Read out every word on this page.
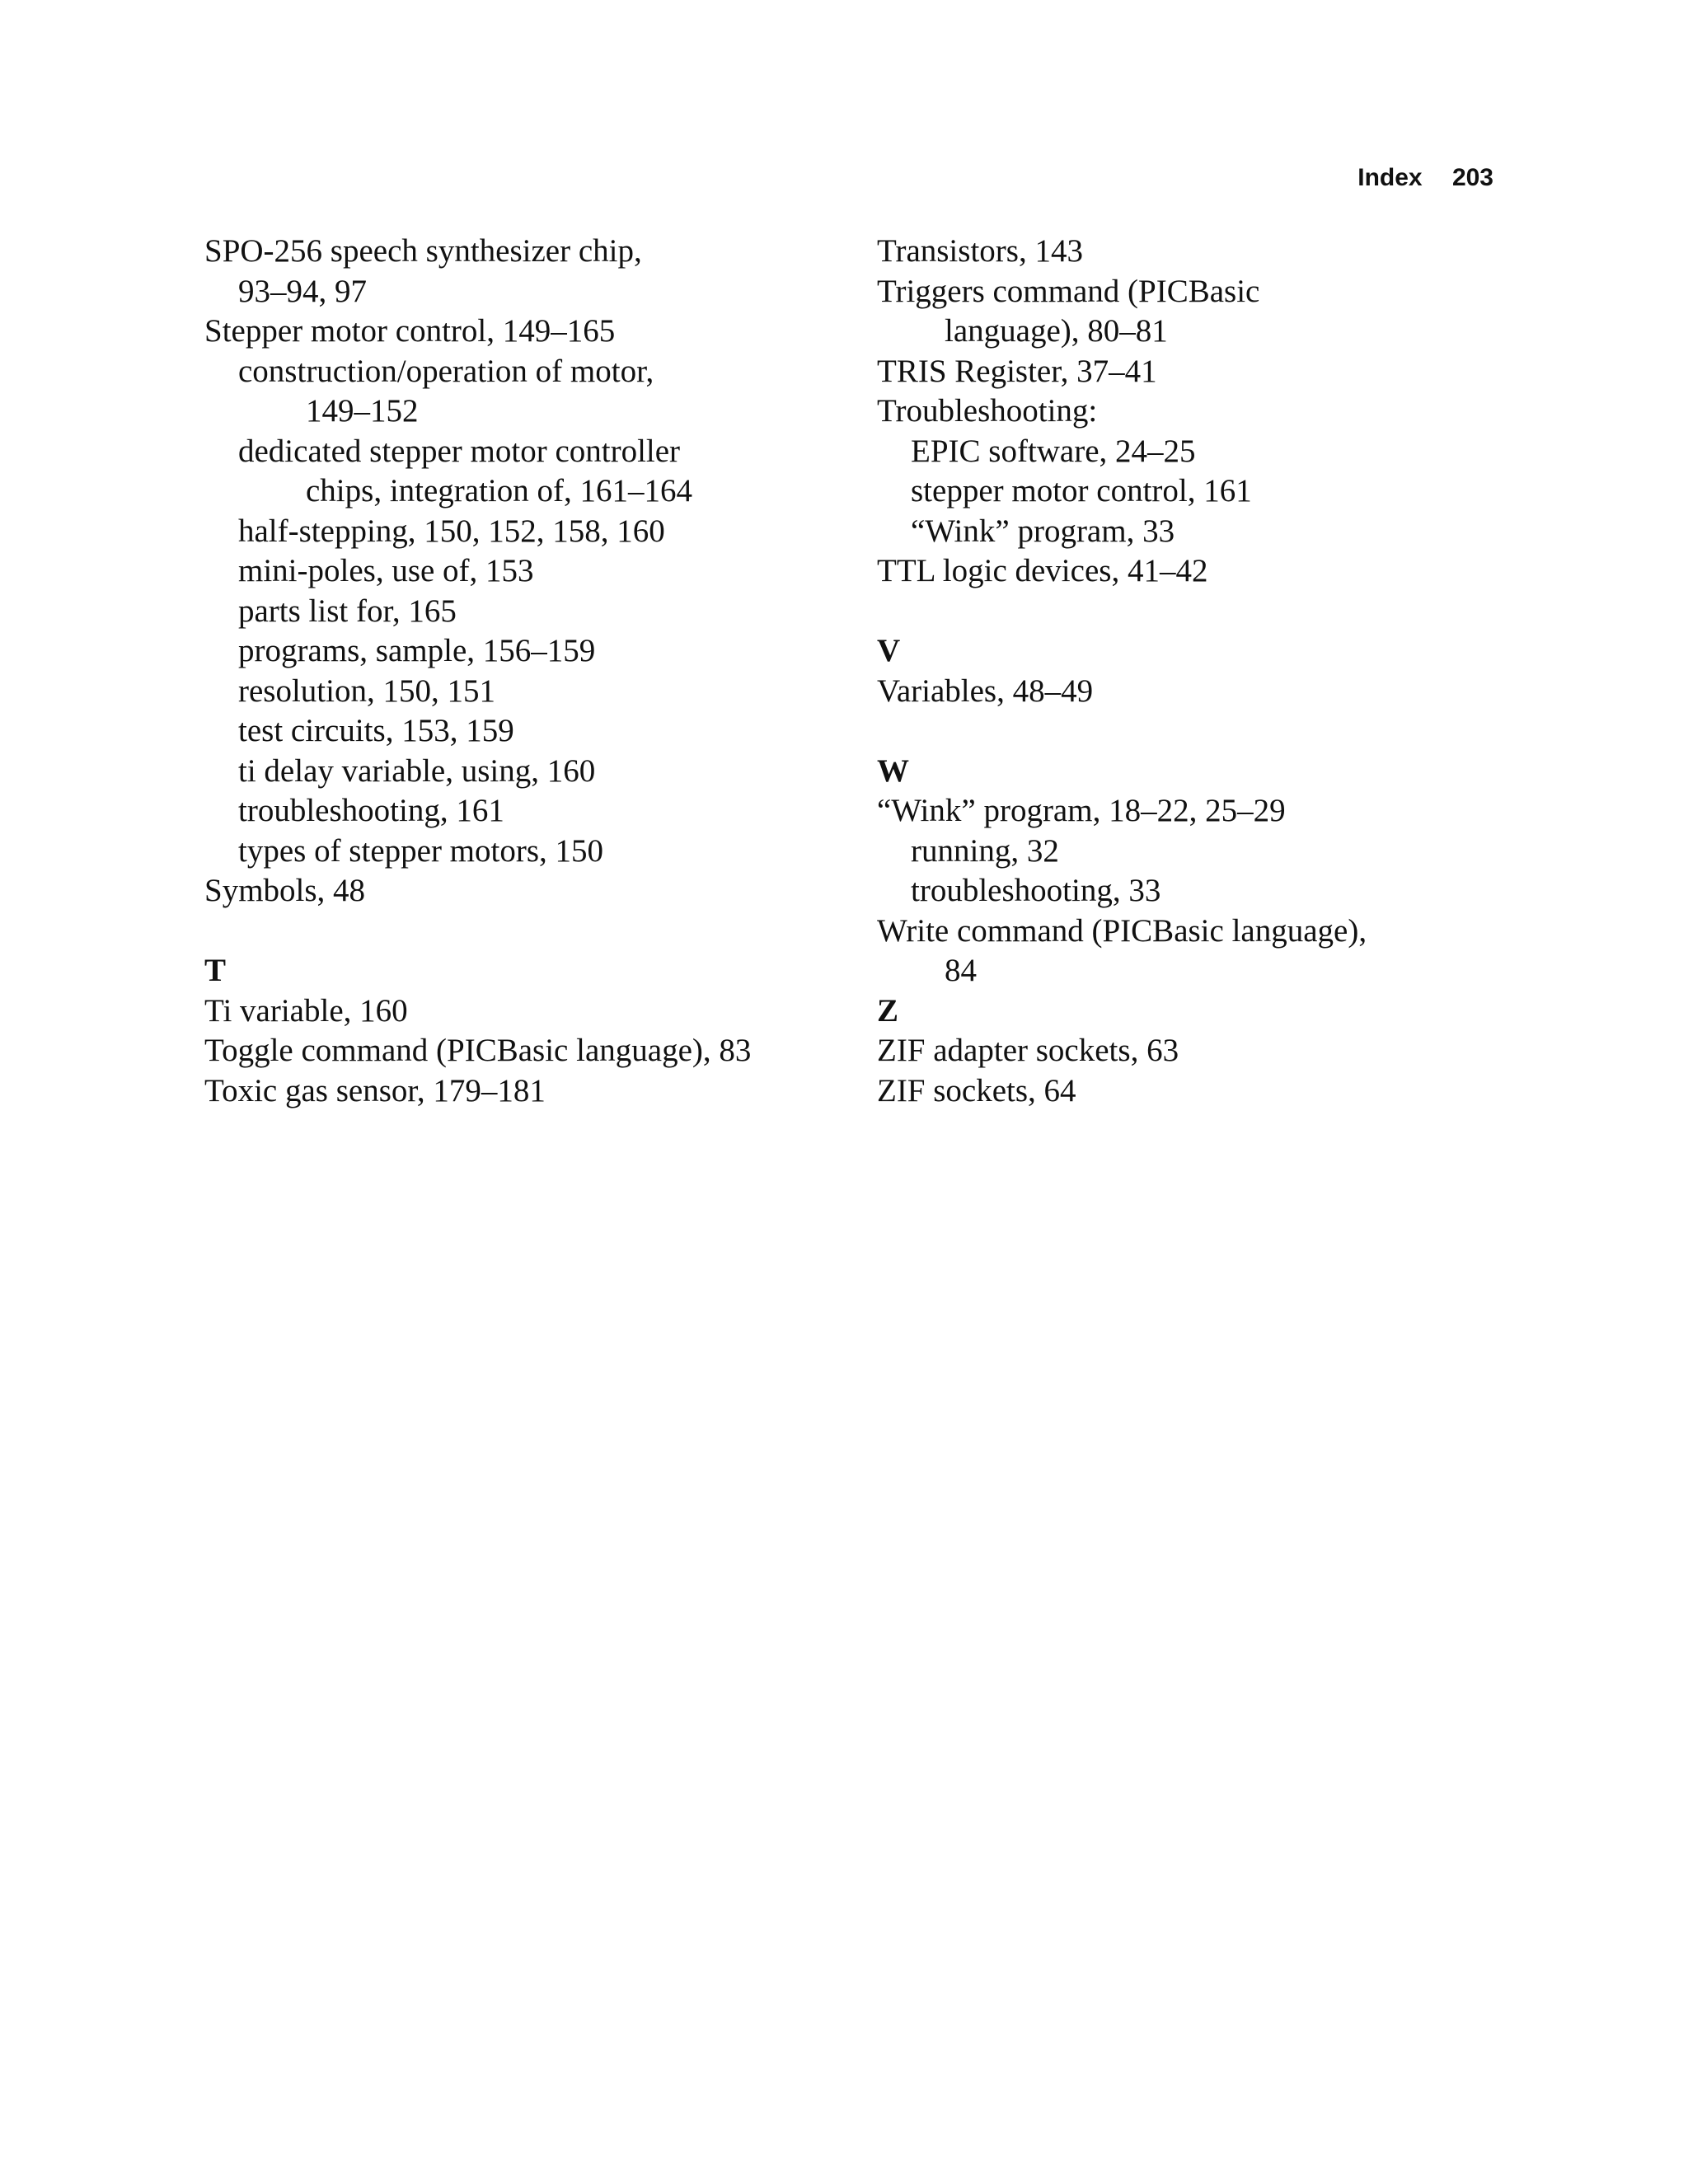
Index 203
SPO-256 speech synthesizer chip,
93–94, 97
Stepper motor control, 149–165
construction/operation of motor,
149–152
dedicated stepper motor controller
chips, integration of, 161–164
half-stepping, 150, 152, 158, 160
mini-poles, use of, 153
parts list for, 165
programs, sample, 156–159
resolution, 150, 151
test circuits, 153, 159
ti delay variable, using, 160
troubleshooting, 161
types of stepper motors, 150
Symbols, 48
T
Ti variable, 160
Toggle command (PICBasic language), 83
Toxic gas sensor, 179–181
Transistors, 143
Triggers command (PICBasic
language), 80–81
TRIS Register, 37–41
Troubleshooting:
EPIC software, 24–25
stepper motor control, 161
“Wink” program, 33
TTL logic devices, 41–42
V
Variables, 48–49
W
“Wink” program, 18–22, 25–29
running, 32
troubleshooting, 33
Write command (PICBasic language),
84
Z
ZIF adapter sockets, 63
ZIF sockets, 64
